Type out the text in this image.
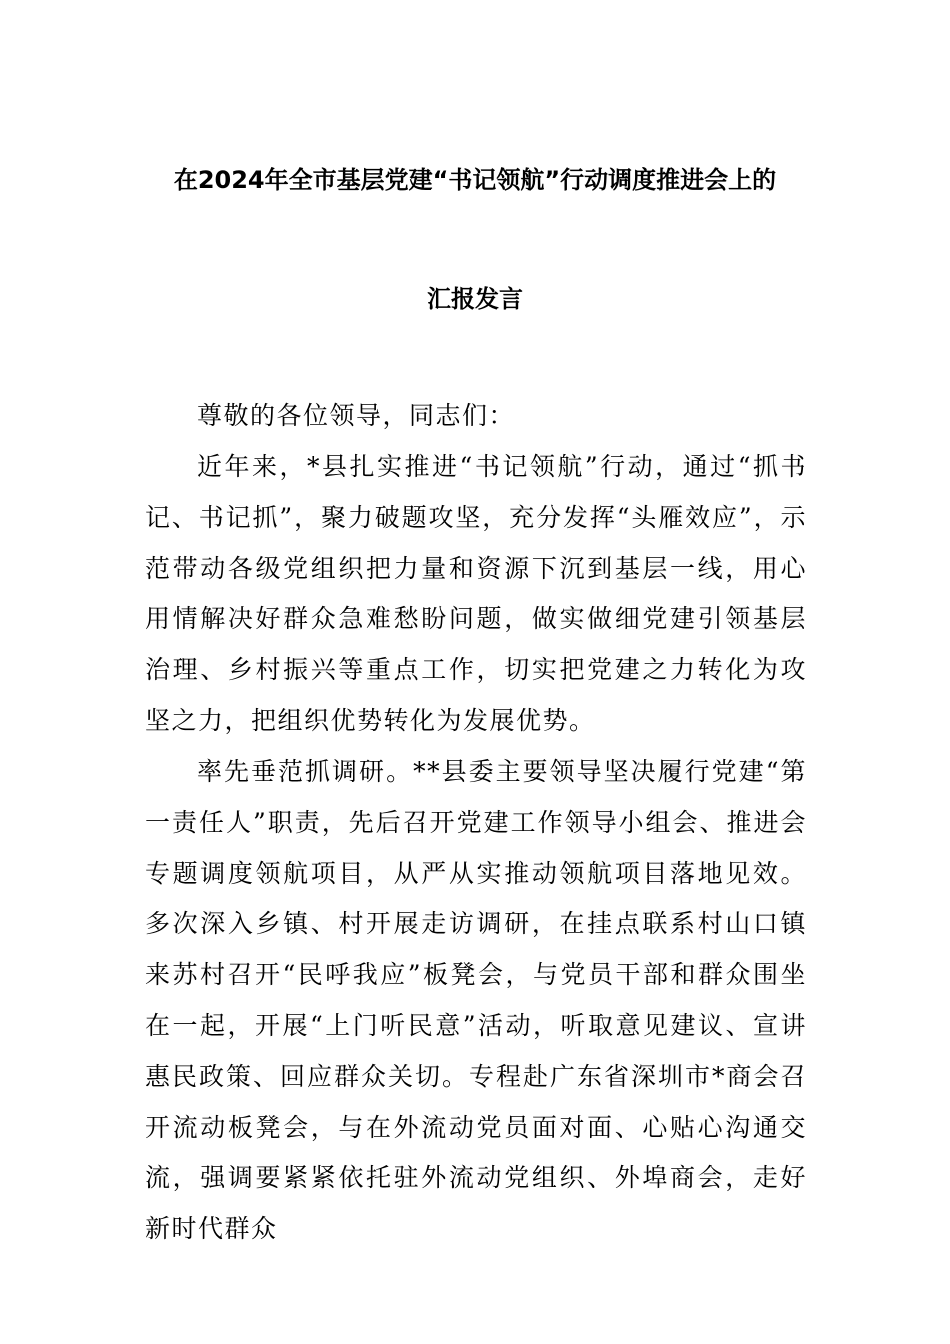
在2024年全市基层党建“书记领航”行动调度推进会上的
汇报发言
尊敬的各位领导，同志们：
近年来，*县扎实推进“书记领航”行动，通过“抓书记、书记抓”，聚力破题攻坚，充分发挥“头雁效应”，示范带动各级党组织把力量和资源下沉到基层一线，用心用情解决好群众急难愁盼问题，做实做细党建引领基层治理、乡村振兴等重点工作，切实把党建之力转化为攻坚之力，把组织优势转化为发展优势。
率先垂范抓调研。**县委主要领导坚决履行党建“第一责任人”职责，先后召开党建工作领导小组会、推进会专题调度领航项目，从严从实推动领航项目落地见效。多次深入乡镇、村开展走访调研，在挂点联系村山口镇来苏村召开“民呼我应”板凳会，与党员干部和群众围坐在一起，开展“上门听民意”活动，听取意见建议、宣讲惠民政策、回应群众关切。专程赴广东省深圳市*商会召开流动板凳会，与在外流动党员面对面、心贴心沟通交流，强调要紧紧依托驻外流动党组织、外埠商会，走好新时代群众
